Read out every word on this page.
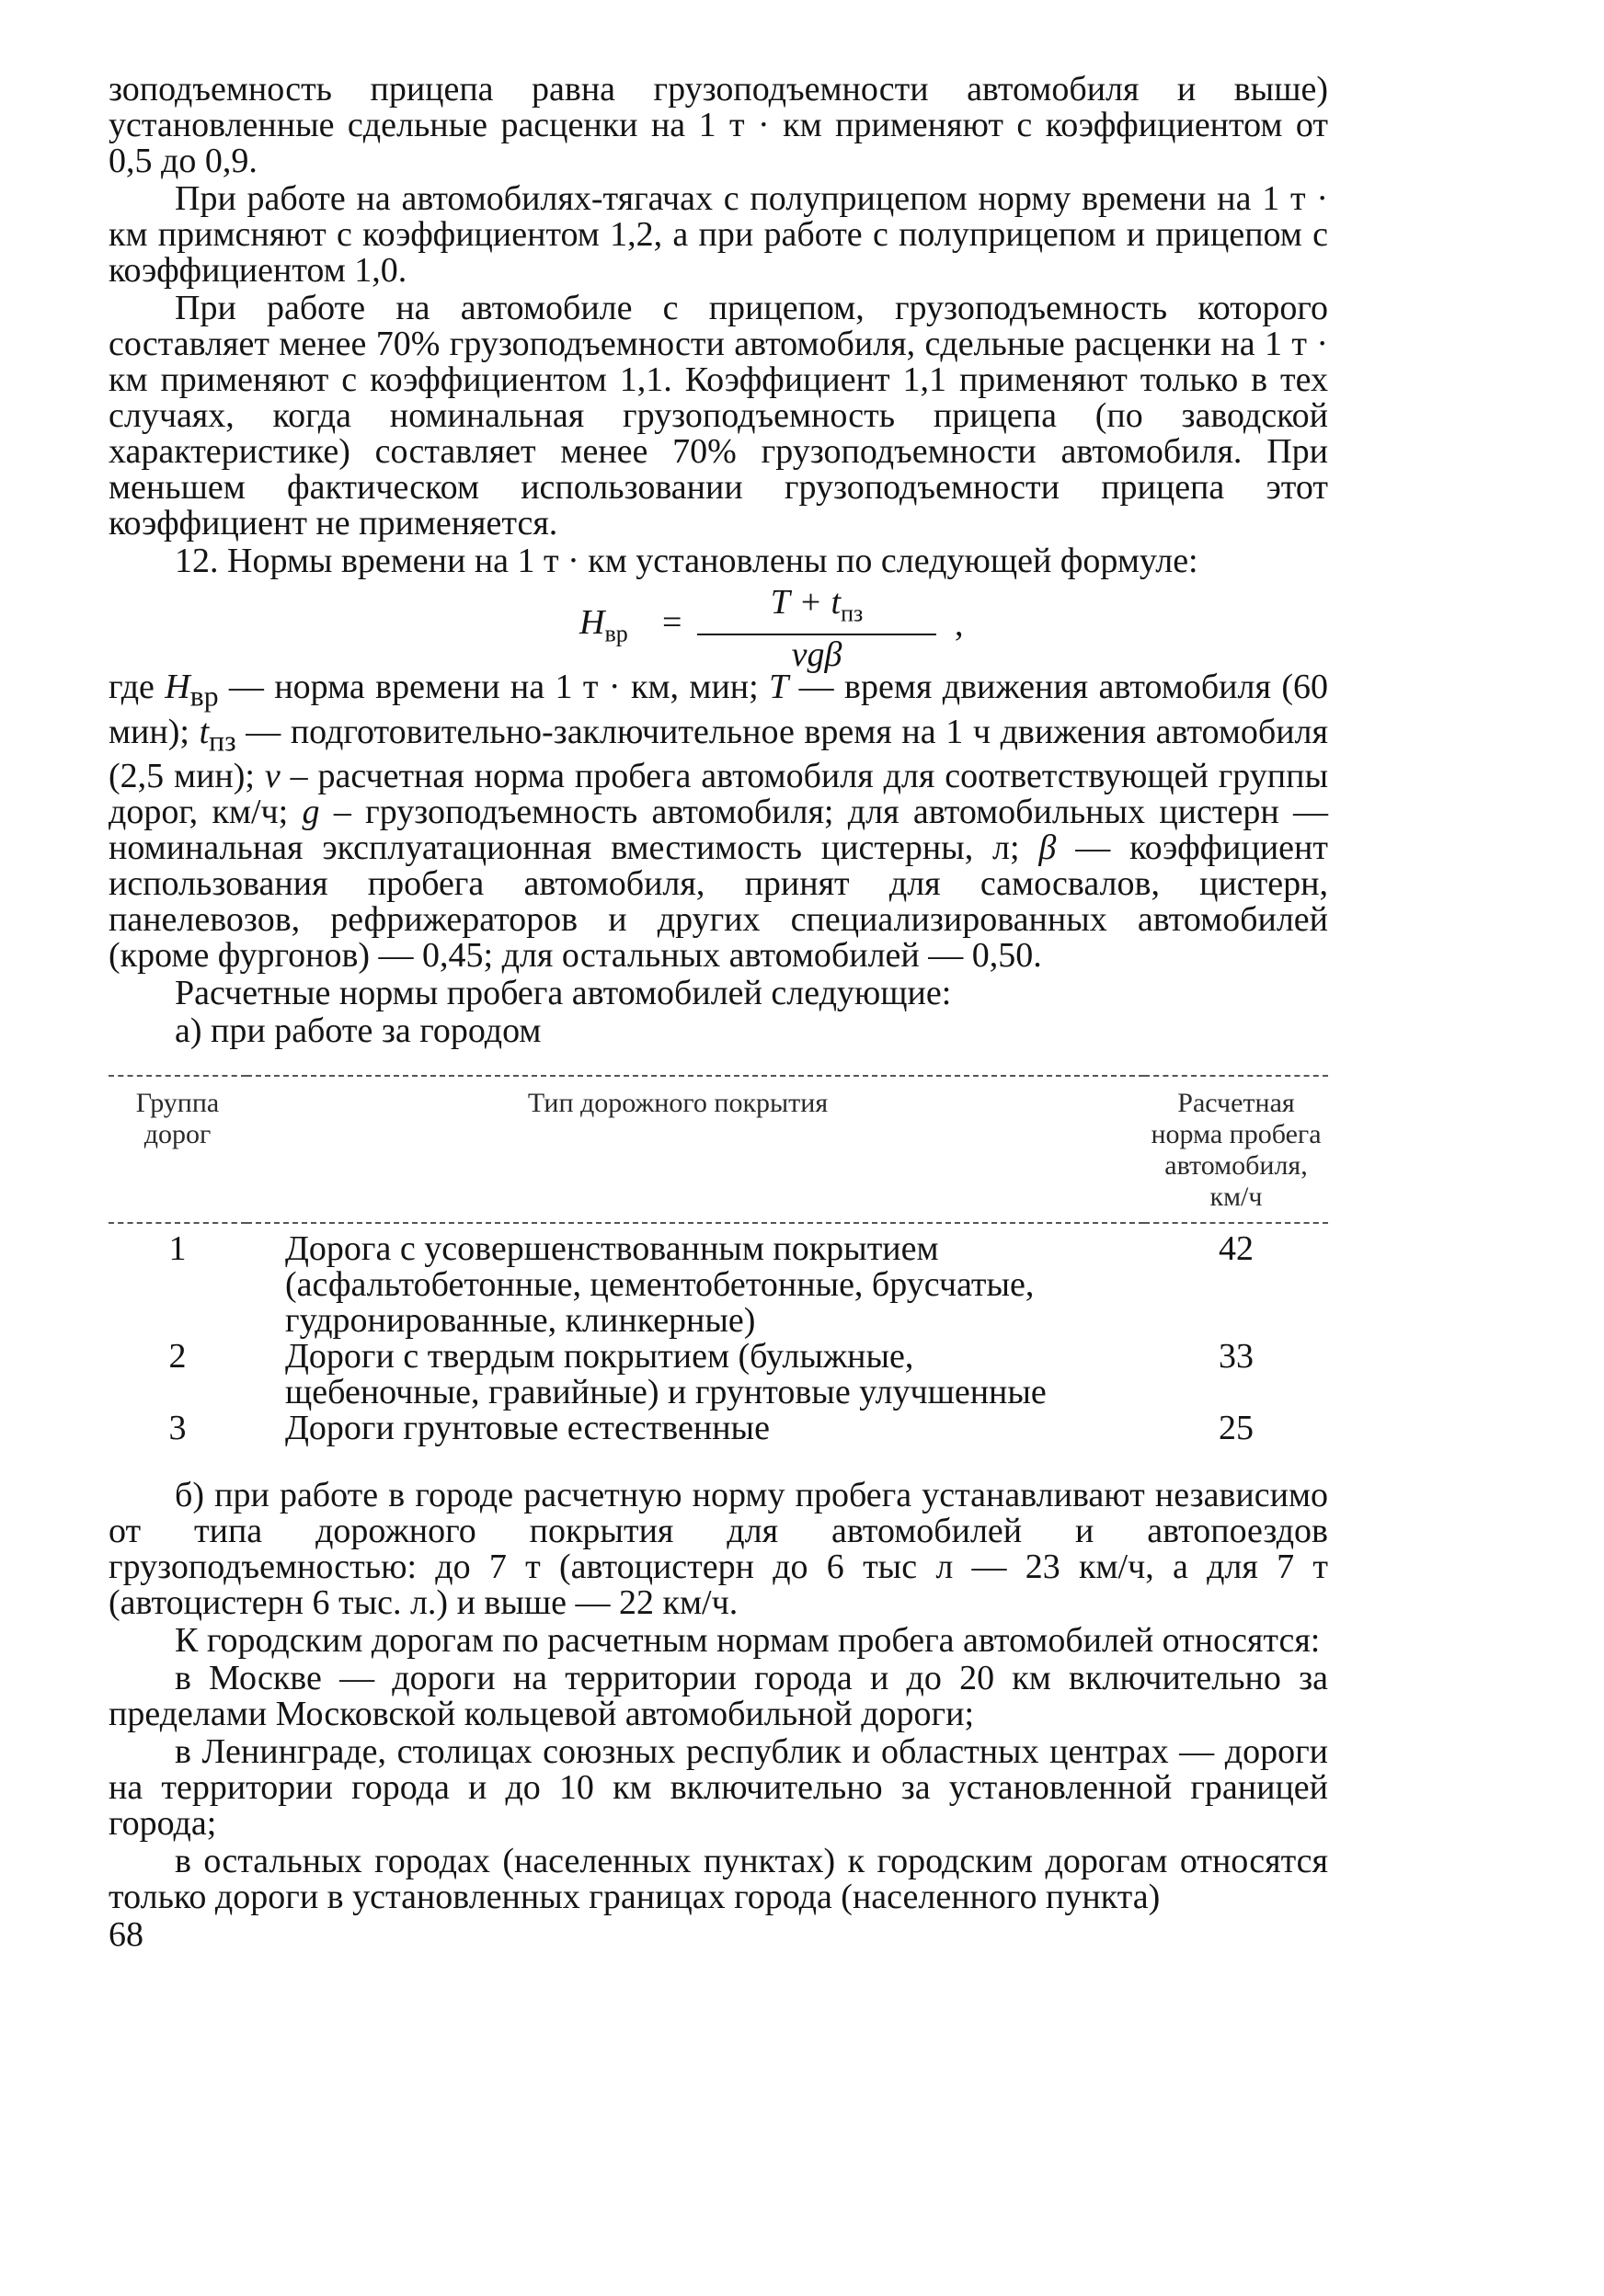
зоподъемность прицепа равна грузоподъемности автомобиля и выше) установленные сдельные расценки на 1 т · км применяют с коэффициентом от 0,5 до 0,9.

При работе на автомобилях-тягачах с полуприцепом норму времени на 1 т · км примсняют с коэффициентом 1,2, а при работе с полуприцепом и прицепом с коэффициентом 1,0.

При работе на автомобиле с прицепом, грузоподъемность которого составляет менее 70% грузоподъемности автомобиля, сдельные расценки на 1 т · км применяют с коэффициентом 1,1. Коэффициент 1,1 применяют только в тех случаях, когда номинальная грузоподъемность прицепа (по заводской характеристике) составляет менее 70% грузоподъемности автомобиля. При меньшем фактическом использовании грузоподъемности прицепа этот коэффициент не применяется.

12. Нормы времени на 1 т · км установлены по следующей формуле:

$Н_{вр}$ =
$Т + t_{пз}$
νgβ
,

где $Н_{вр}$ — норма времени на 1 т · км, мин; Т — время движения автомобиля (60 мин); $t_{пз}$ — подготовительно-заключительное время на 1 ч движения автомобиля (2,5 мин); ν – расчетная норма пробега автомобиля для соответствующей группы дорог, км/ч; g – грузоподъемность автомобиля; для автомобильных цистерн — номинальная эксплуатационная вместимость цистерны, л; β — коэффициент использования пробега автомобиля, принят для самосвалов, цистерн, панелевозов, рефрижераторов и других специализированных автомобилей (кроме фургонов) — 0,45; для остальных автомобилей — 0,50.

Расчетные нормы пробега автомобилей следующие:

а) при работе за городом

Группа дорог	Тип дорожного покрытия	Расчетная норма пробега автомобиля, км/ч
1	Дорога с усовершенствованным покрытием (асфальтобетонные, цементобетонные, брусчатые, гудронированные, клинкерные)	42
2	Дороги с твердым покрытием (булыжные, щебеночные, гравийные) и грунтовые улучшенные	33
3	Дороги грунтовые естественные	25

б) при работе в городе расчетную норму пробега устанавливают независимо от типа дорожного покрытия для автомобилей и автопоездов грузоподъемностью: до 7 т (автоцистерн до 6 тыс л — 23 км/ч, а для 7 т (автоцистерн 6 тыс. л.) и выше — 22 км/ч.

К городским дорогам по расчетным нормам пробега автомобилей относятся:

в Москве — дороги на территории города и до 20 км включительно за пределами Московской кольцевой автомобильной дороги;

в Ленинграде, столицах союзных республик и областных центрах — дороги на территории города и до 10 км включительно за установленной границей города;

в остальных городах (населенных пунктах) к городским дорогам относятся только дороги в установленных границах города (населенного пункта)

68
